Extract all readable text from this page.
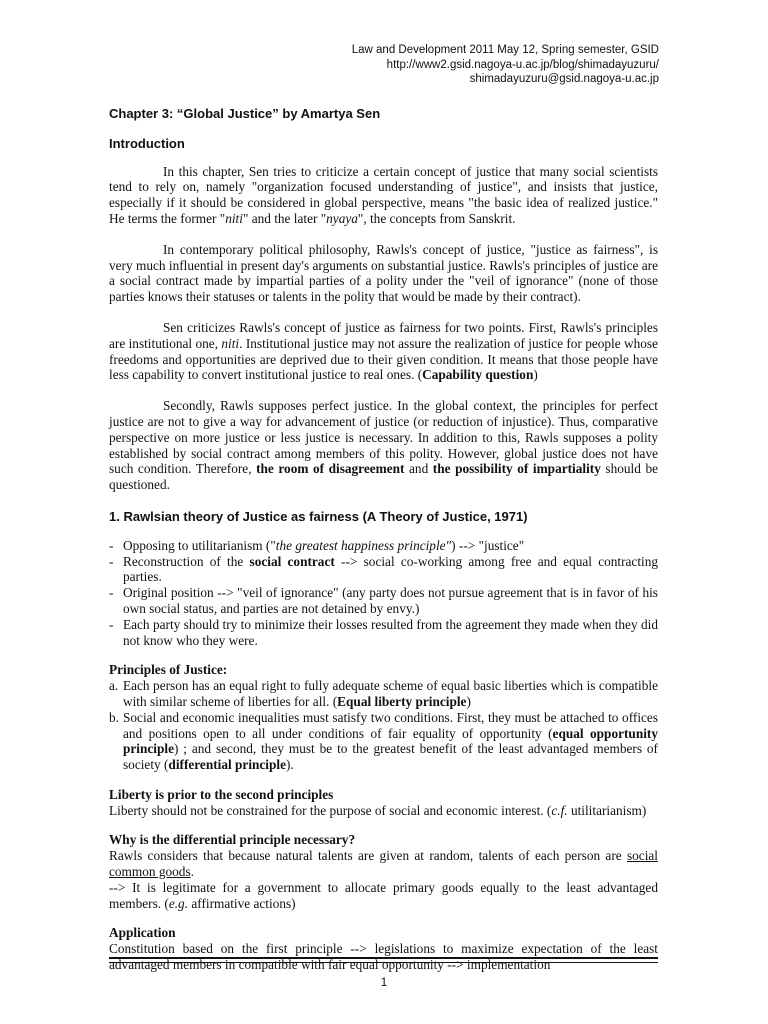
Law and Development 2011 May 12, Spring semester, GSID
http://www2.gsid.nagoya-u.ac.jp/blog/shimadayuzuru/
shimadayuzuru@gsid.nagoya-u.ac.jp
Chapter 3: “Global Justice” by Amartya Sen
Introduction

In this chapter, Sen tries to criticize a certain concept of justice that many social scientists tend to rely on, namely "organization focused understanding of justice", and insists that justice, especially if it should be considered in global perspective, means "the basic idea of realized justice." He terms the former "niti" and the later "nyaya", the concepts from Sanskrit.

In contemporary political philosophy, Rawls's concept of justice, "justice as fairness", is very much influential in present day's arguments on substantial justice. Rawls's principles of justice are a social contract made by impartial parties of a polity under the "veil of ignorance" (none of those parties knows their statuses or talents in the polity that would be made by their contract).

Sen criticizes Rawls's concept of justice as fairness for two points. First, Rawls's principles are institutional one, niti. Institutional justice may not assure the realization of justice for people whose freedoms and opportunities are deprived due to their given condition. It means that those people have less capability to convert institutional justice to real ones. (Capability question)

Secondly, Rawls supposes perfect justice. In the global context, the principles for perfect justice are not to give a way for advancement of justice (or reduction of injustice). Thus, comparative perspective on more justice or less justice is necessary. In addition to this, Rawls supposes a polity established by social contract among members of this polity. However, global justice does not have such condition. Therefore, the room of disagreement and the possibility of impartiality should be questioned.

1. Rawlsian theory of Justice as fairness (A Theory of Justice, 1971)
- Opposing to utilitarianism ("the greatest happiness principle") --> "justice"
- Reconstruction of the social contract --> social co-working among free and equal contracting parties.
- Original position --> "veil of ignorance" (any party does not pursue agreement that is in favor of his own social status, and parties are not detained by envy.)
- Each party should try to minimize their losses resulted from the agreement they made when they did not know who they were.
Principles of Justice:
a. Each person has an equal right to fully adequate scheme of equal basic liberties which is compatible with similar scheme of liberties for all. (Equal liberty principle)
b. Social and economic inequalities must satisfy two conditions. First, they must be attached to offices and positions open to all under conditions of fair equality of opportunity (equal opportunity principle) ; and second, they must be to the greatest benefit of the least advantaged members of society (differential principle).
Liberty is prior to the second principles

Liberty should not be constrained for the purpose of social and economic interest. (c.f. utilitarianism)

Why is the differential principle necessary?

Rawls considers that because natural talents are given at random, talents of each person are social common goods.

--> It is legitimate for a government to allocate primary goods equally to the least advantaged members. (e.g. affirmative actions)

Application

Constitution based on the first principle --> legislations to maximize expectation of the least advantaged members in compatible with fair equal opportunity --> implementation

1
